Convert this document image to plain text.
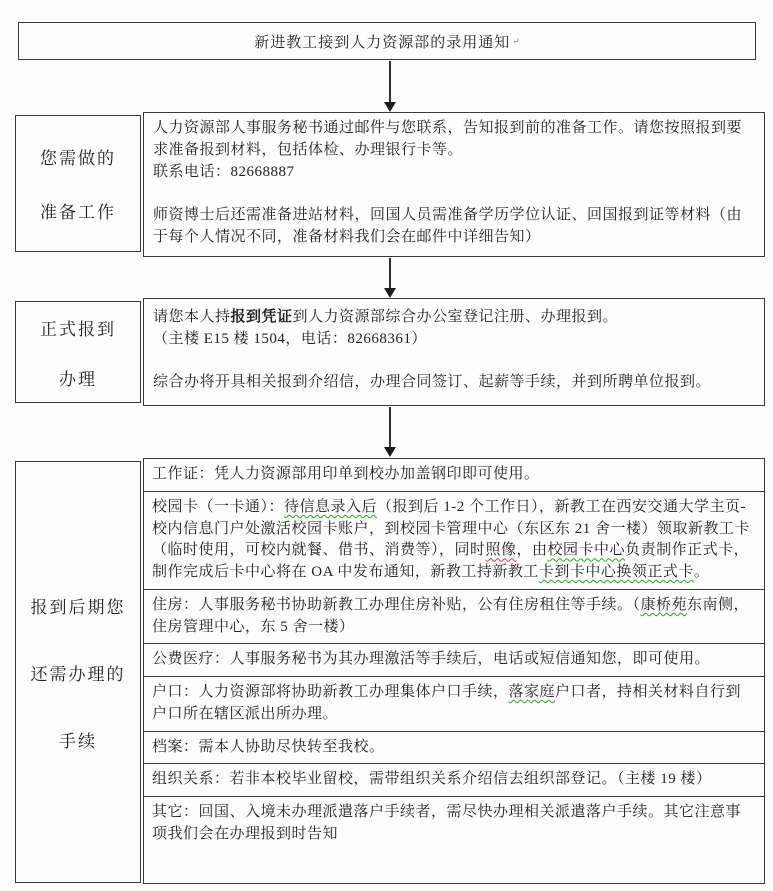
新进教工接到人力资源部的录用通知 ↵
您需做的
准备工作
人力资源部人事服务秘书通过邮件与您联系，告知报到前的准备工作。请您按照报到要求准备报到材料，包括体检、办理银行卡等。
联系电话：82668887

师资博士后还需准备进站材料，回国人员需准备学历学位认证、回国报到证等材料（由于每个人情况不同，准备材料我们会在邮件中详细告知）
正式报到
办理
请您本人持报到凭证到人力资源部综合办公室登记注册、办理报到。
（主楼 E15 楼 1504，电话：82668361）

综合办将开具相关报到介绍信，办理合同签订、起薪等手续，并到所聘单位报到。
报到后期您
还需办理的
手续
工作证：凭人力资源部用印单到校办加盖钢印即可使用。
校园卡（一卡通）：待信息录入后（报到后 1-2 个工作日），新教工在西安交通大学主页-校内信息门户处激活校园卡账户，到校园卡管理中心（东区东 21 舍一楼）领取新教工卡（临时使用，可校内就餐、借书、消费等），同时照像，由校园卡中心负责制作正式卡，制作完成后卡中心将在 OA 中发布通知，新教工持新教工卡到卡中心换领正式卡。
住房：人事服务秘书协助新教工办理住房补贴，公有住房租住等手续。（康桥苑东南侧，住房管理中心，东 5 舍一楼）
公费医疗：人事服务秘书为其办理激活等手续后，电话或短信通知您，即可使用。
户口：人力资源部将协助新教工办理集体户口手续，落家庭户口者，持相关材料自行到户口所在辖区派出所办理。
档案：需本人协助尽快转至我校。
组织关系：若非本校毕业留校，需带组织关系介绍信去组织部登记。（主楼 19 楼）
其它：回国、入境未办理派遣落户手续者，需尽快办理相关派遣落户手续。其它注意事项我们会在办理报到时告知
